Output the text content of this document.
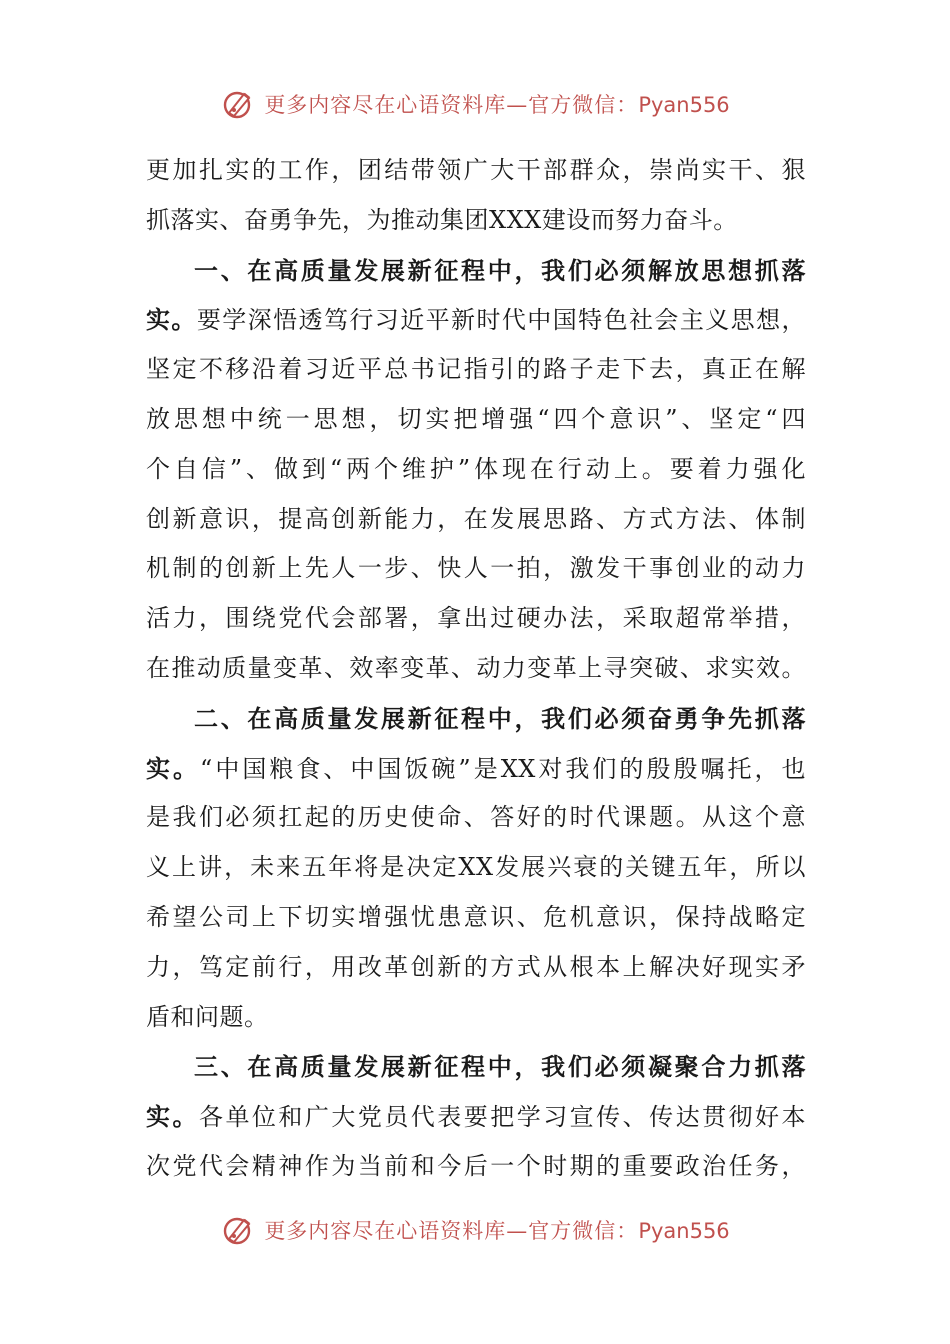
更多内容尽在心语资料库—官方微信：Pyan556
更加扎实的工作，团结带领广大干部群众，崇尚实干、狠
抓落实、奋勇争先，为推动集团XXX建设而努力奋斗。
一、在高质量发展新征程中，我们必须解放思想抓落
实。要学深悟透笃行习近平新时代中国特色社会主义思想，
坚定不移沿着习近平总书记指引的路子走下去，真正在解
放思想中统一思想，切实把增强“四个意识”、坚定“四
个自信”、做到“两个维护”体现在行动上。要着力强化
创新意识，提高创新能力，在发展思路、方式方法、体制
机制的创新上先人一步、快人一拍，激发干事创业的动力
活力，围绕党代会部署，拿出过硬办法，采取超常举措，
在推动质量变革、效率变革、动力变革上寻突破、求实效。
二、在高质量发展新征程中，我们必须奋勇争先抓落
实。“中国粮食、中国饭碗”是XX对我们的殷殷嘱托，也
是我们必须扛起的历史使命、答好的时代课题。从这个意
义上讲，未来五年将是决定XX发展兴衰的关键五年，所以
希望公司上下切实增强忧患意识、危机意识，保持战略定
力，笃定前行，用改革创新的方式从根本上解决好现实矛
盾和问题。
三、在高质量发展新征程中，我们必须凝聚合力抓落
实。各单位和广大党员代表要把学习宣传、传达贯彻好本
次党代会精神作为当前和今后一个时期的重要政治任务，
更多内容尽在心语资料库—官方微信：Pyan556
